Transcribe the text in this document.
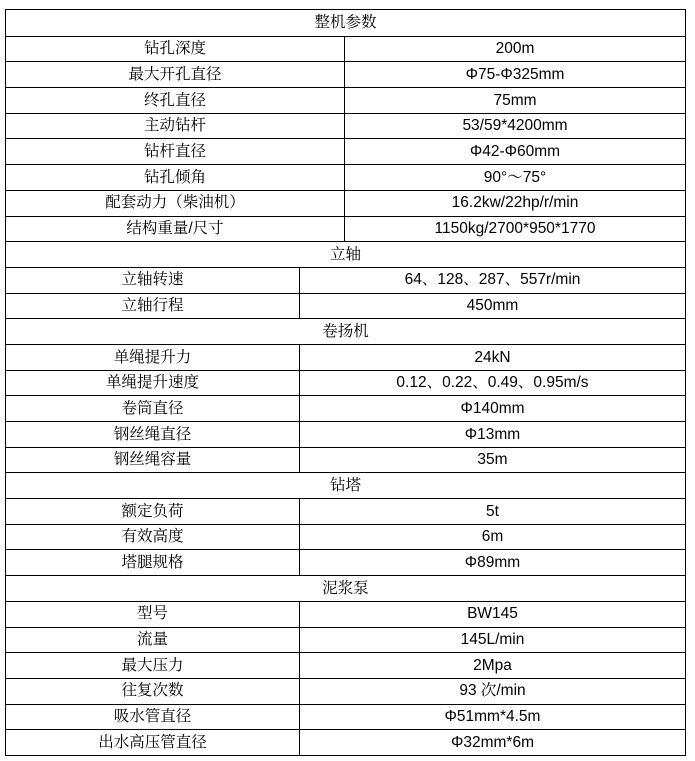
整机参数
钻孔深度	200m
最大开孔直径	Φ75-Φ325mm
终孔直径	75mm
主动钻杆	53/59*4200mm
钻杆直径	Φ42-Φ60mm
钻孔倾角	90°～75°
配套动力（柴油机）	16.2kw/22hp/r/min
结构重量/尺寸	1150kg/2700*950*1770
立轴
立轴转速	64、128、287、557r/min
立轴行程	450mm
卷扬机
单绳提升力	24kN
单绳提升速度	0.12、0.22、0.49、0.95m/s
卷筒直径	Φ140mm
钢丝绳直径	Φ13mm
钢丝绳容量	35m
钻塔
额定负荷	5t
有效高度	6m
塔腿规格	Φ89mm
泥浆泵
型号	BW145
流量	145L/min
最大压力	2Mpa
往复次数	93 次/min
吸水管直径	Φ51mm*4.5m
出水高压管直径	Φ32mm*6m
